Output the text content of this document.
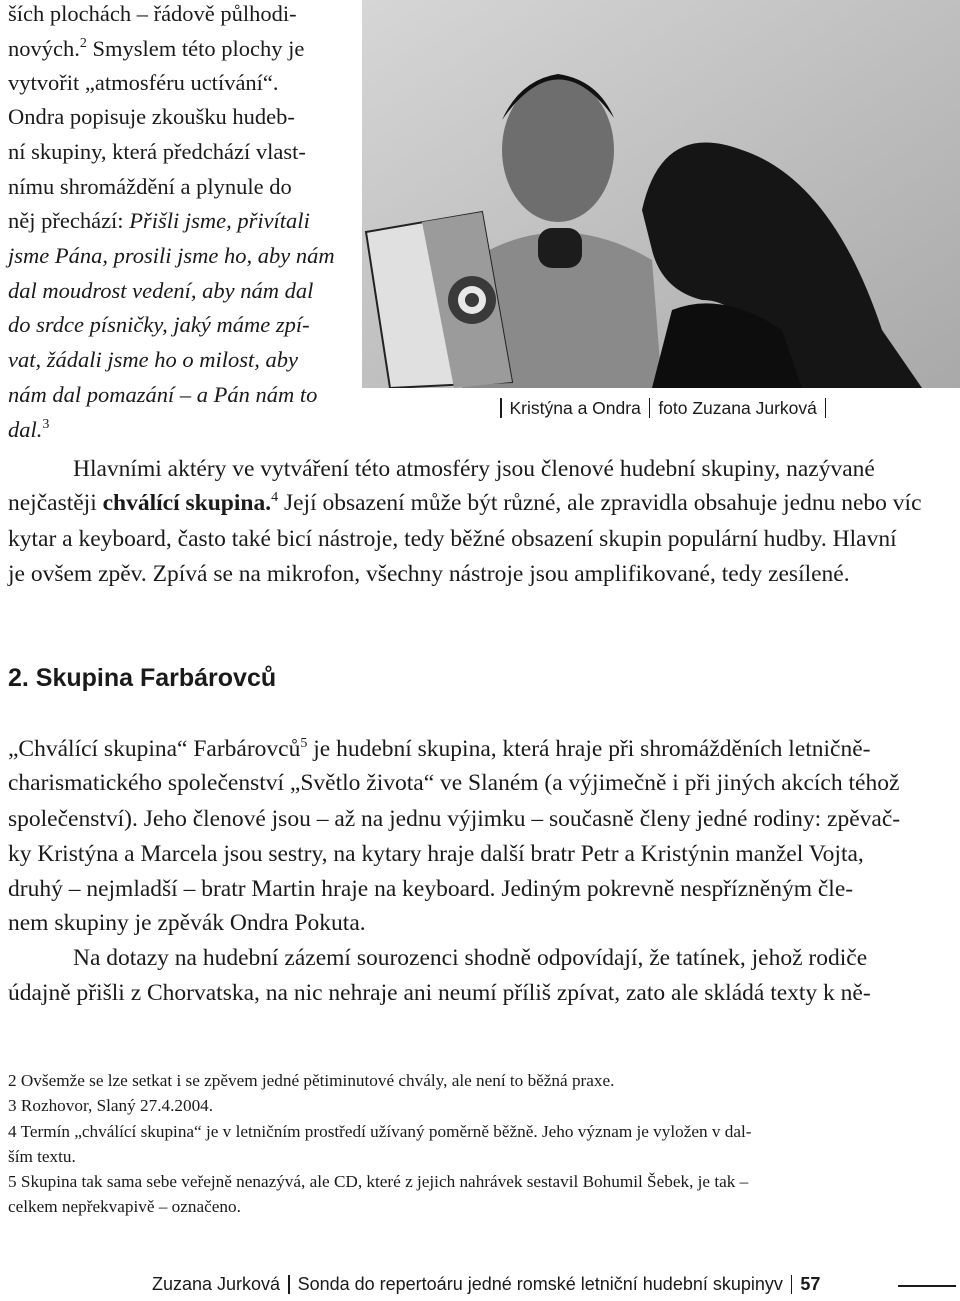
ších plochách – řádově půlhodi-
nových.$^2$ Smyslem této plochy je
vytvořit „atmosféru uctívání“.
Ondra popisuje zkoušku hudeb-
ní skupiny, která předchází vlast-
nímu shromáždění a plynule do
něj přechází: Přišli jsme, přivítali
jsme Pána, prosili jsme ho, aby nám
dal moudrost vedení, aby nám dal
do srdce písničky, jaký máme zpí-
vat, žádali jsme ho o milost, aby
nám dal pomazání – a Pán nám to
dal.$^3$
Kristýna a Ondra foto Zuzana Jurková
Hlavními aktéry ve vytváření této atmosféry jsou členové hudební skupiny, nazývané
nejčastěji chválící skupina.$^4$ Její obsazení může být různé, ale zpravidla obsahuje jednu nebo víc
kytar a keyboard, často také bicí nástroje, tedy běžné obsazení skupin populární hudby. Hlavní
je ovšem zpěv. Zpívá se na mikrofon, všechny nástroje jsou amplifikované, tedy zesílené.
2. Skupina Farbárovců
„Chválící skupina“ Farbárovců$^5$ je hudební skupina, která hraje při shromážděních letničně-
charismatického společenství „Světlo života“ ve Slaném (a výjimečně i při jiných akcích téhož
společenství). Jeho členové jsou – až na jednu výjimku – současně členy jedné rodiny: zpěvač-
ky Kristýna a Marcela jsou sestry, na kytary hraje další bratr Petr a Kristýnin manžel Vojta,
druhý – nejmladší – bratr Martin hraje na keyboard. Jediným pokrevně nespřízněným čle-
nem skupiny je zpěvák Ondra Pokuta.
Na dotazy na hudební zázemí sourozenci shodně odpovídají, že tatínek, jehož rodiče
údajně přišli z Chorvatska, na nic nehraje ani neumí příliš zpívat, zato ale skládá texty k ně-
2 Ovšemže se lze setkat i se zpěvem jedné pětiminutové chvály, ale není to běžná praxe.
3 Rozhovor, Slaný 27.4.2004.
4 Termín „chválící skupina“ je v letničním prostředí užívaný poměrně běžně. Jeho význam je vyložen v dal-
ším textu.
5 Skupina tak sama sebe veřejně nenazývá, ale CD, které z jejich nahrávek sestavil Bohumil Šebek, je tak –
celkem nepřekvapivě – označeno.
Zuzana Jurková Sonda do repertoáru jedné romské letniční hudební skupinyv 57
